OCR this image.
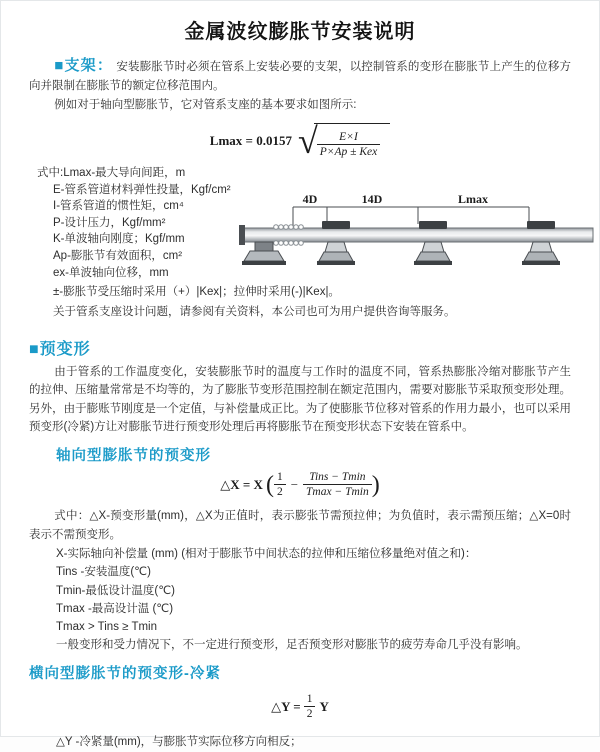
金属波纹膨胀节安装说明
■支架： 安装膨胀节时必须在管系上安装必要的支架，以控制管系的变形在膨胀节上产生的位移方向并限制在膨胀节的额定位移范围内。
例如对于轴向型膨胀节，它对管系支座的基本要求如图所示:
Lmax = 0.0157 √ $\frac{E\times I}{\text{P×Ap ± Kex}}$
式中:Lmax-最大导向间距，m
E-管系管道材料弹性投量，Kgf/cm²
I-管系管道的惯性矩，cm⁴
P-设计压力，Kgf/mm²
K-单波轴向刚度；Kgf/mm
Ap-膨胀节有效面积，cm²
ex-单波轴向位移，mm
4D	14D	Lmax
±-膨胀节受压缩时采用（+）|Kex|；拉伸时采用(-)|Kex|。
关于管系支座设计问题，请参阅有关资料，本公司也可为用户提供咨询等服务。
■预变形
由于管系的工作温度变化，安装膨胀节时的温度与工作时的温度不同，管系热膨胀冷缩对膨胀节产生的拉伸、压缩量常常是不均等的，为了膨胀节变形范围控制在额定范围内，需要对膨胀节采取预变形处理。另外，由于膨账节刚度是一个定值，与补偿量成正比。为了使膨胀节位移对管系的作用力最小，也可以采用预变形(冷紧)方让对膨胀节进行预变形处理后再将膨胀节在预变形状态下安装在管系中。
轴向型膨胀节的预变形
△X = X ( $\frac{1}{2} - \frac{\text{Tins − Tmin}}{Tmax - Tmin}$ )
式中：△X-预变形量(mm)，△X为正值时，表示膨张节需预拉伸；为负值时，表示需预压缩；△X=0时表示不需预变形。
X-实际轴向补偿量 (mm) (相对于膨胀节中间状态的拉伸和压缩位移量绝对值之和)：
Tins -安装温度(℃)
Tmin-最低设计温度(℃)
Tmax -最高设计温 (℃)
Tmax > Tins ≥ Tmin
一般变形和受力情况下，不一定进行预变形，足否预变形对膨胀节的疲劳寿命几乎没有影响。
横向型膨胀节的预变形-冷紧
△Y = $\frac{1}{2}$ Y
△Y -冷紧量(mm)，与膨胀节实际位移方向相反；
